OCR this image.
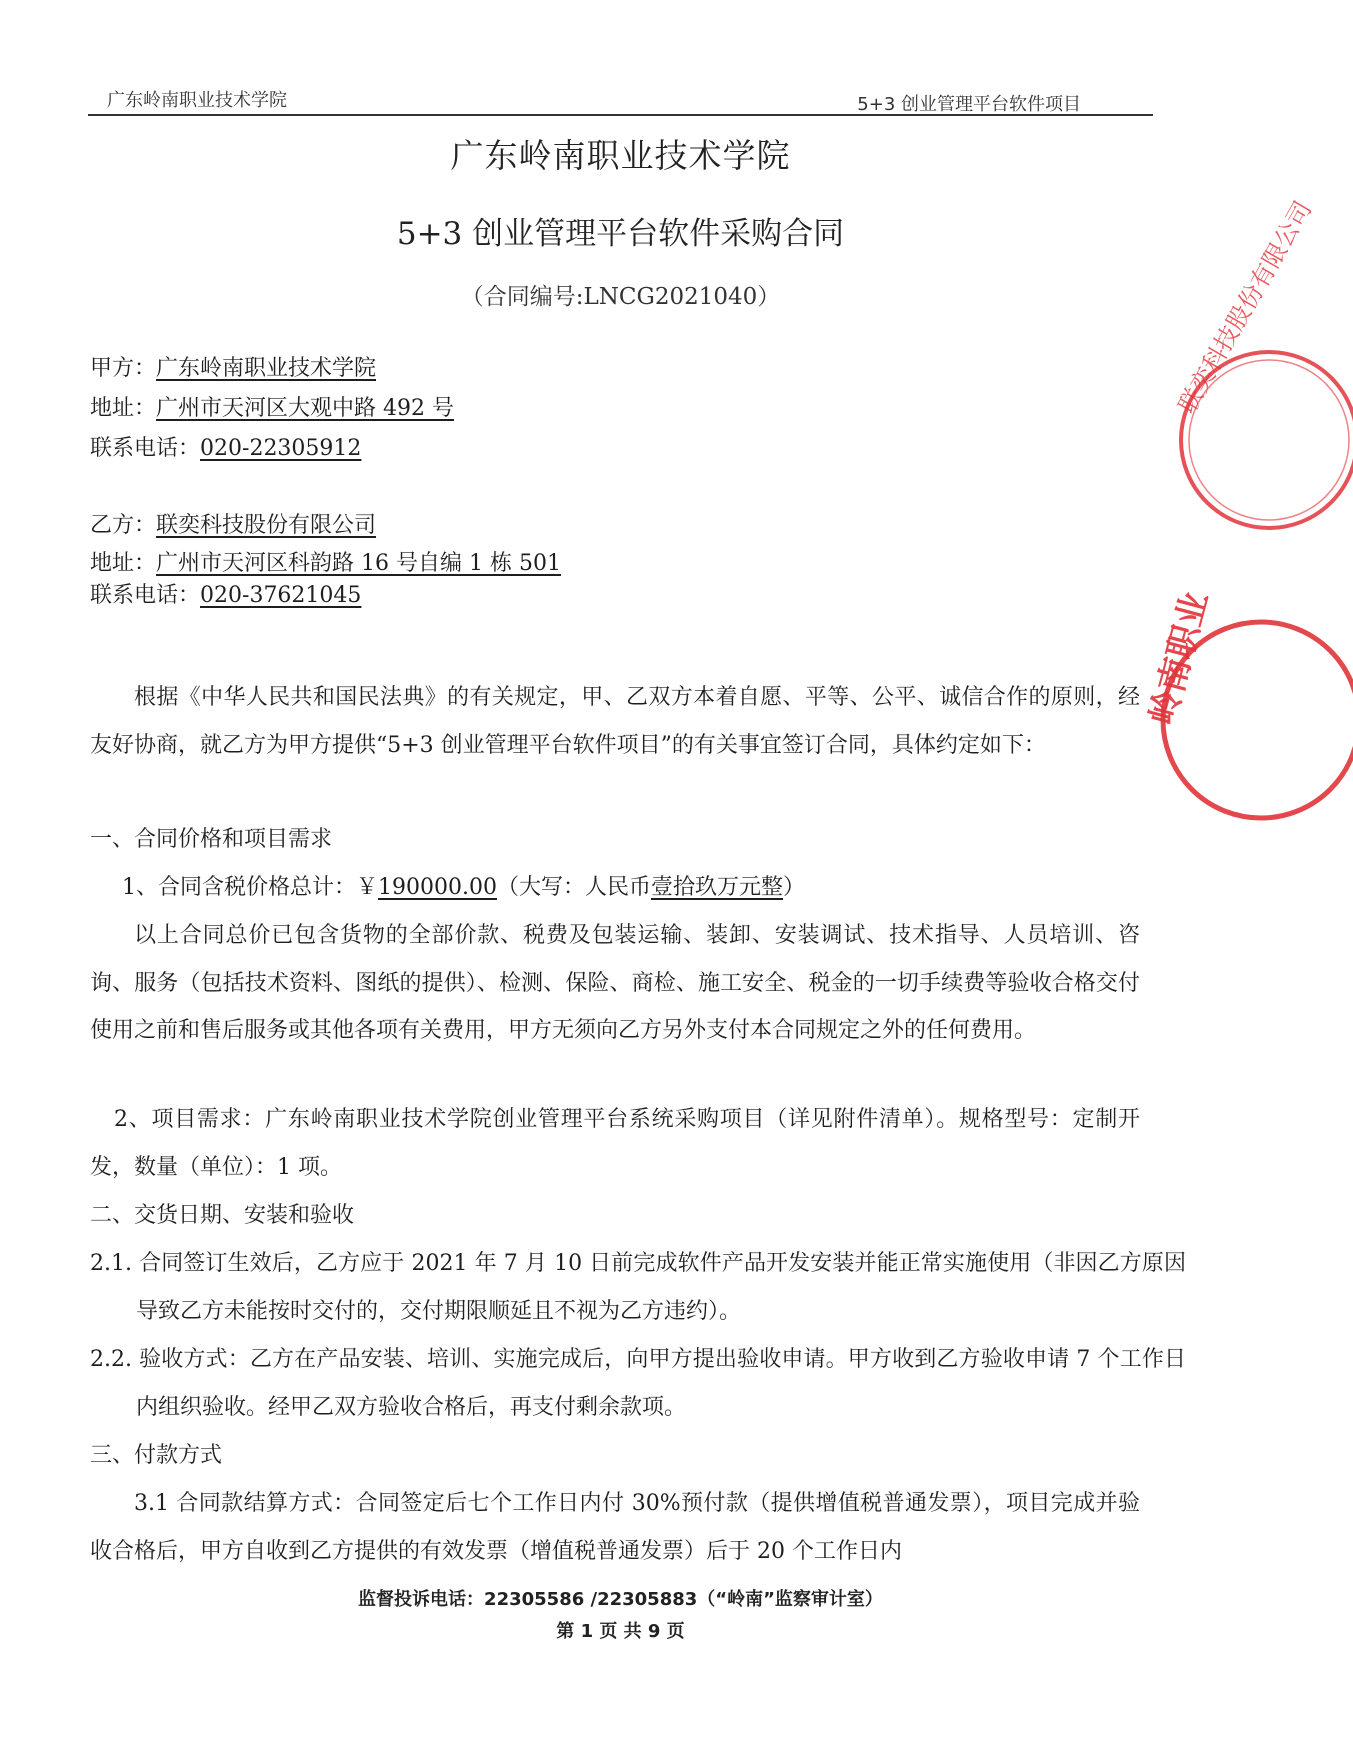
广东岭南职业技术学院	5+3 创业管理平台软件项目
广东岭南职业技术学院
5+3 创业管理平台软件采购合同
（合同编号:LNCG2021040）
甲方：广东岭南职业技术学院
地址：广州市天河区大观中路 492 号
联系电话：020-22305912
乙方：联奕科技股份有限公司
地址：广州市天河区科韵路 16 号自编 1 栋 501
联系电话：020-37621045
根据《中华人民共和国民法典》的有关规定，甲、乙双方本着自愿、平等、公平、诚信合作的原则，经友好协商，就乙方为甲方提供“5+3 创业管理平台软件项目”的有关事宜签订合同，具体约定如下：
一、合同价格和项目需求
1、合同含税价格总计：￥190000.00（大写：人民币壹拾玖万元整）
以上合同总价已包含货物的全部价款、税费及包装运输、装卸、安装调试、技术指导、人员培训、咨询、服务（包括技术资料、图纸的提供）、检测、保险、商检、施工安全、税金的一切手续费等验收合格交付使用之前和售后服务或其他各项有关费用，甲方无须向乙方另外支付本合同规定之外的任何费用。
2、项目需求：广东岭南职业技术学院创业管理平台系统采购项目（详见附件清单）。规格型号：定制开发，数量（单位）：1 项。
二、交货日期、安装和验收
2.1. 合同签订生效后，乙方应于 2021 年 7 月 10 日前完成软件产品开发安装并能正常实施使用（非因乙方原因导致乙方未能按时交付的，交付期限顺延且不视为乙方违约）。
2.2. 验收方式：乙方在产品安装、培训、实施完成后，向甲方提出验收申请。甲方收到乙方验收申请 7 个工作日内组织验收。经甲乙双方验收合格后，再支付剩余款项。
三、付款方式
3.1 合同款结算方式：合同签定后七个工作日内付 30%预付款（提供增值税普通发票），项目完成并验收合格后，甲方自收到乙方提供的有效发票（增值税普通发票）后于 20 个工作日内
监督投诉电话：22305586 /22305883（“岭南”监察审计室）
第 1 页 共 9 页
联奕科技股份有限公司
岭南职业
